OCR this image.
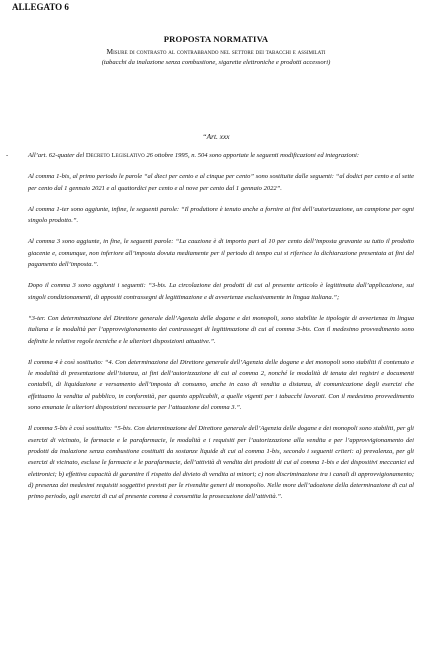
ALLEGATO 6
PROPOSTA NORMATIVA
Misure di contrasto al contrabbando nel settore dei tabacchi e assimilati
(tabacchi da inalazione senza combustione, sigarette elettroniche e prodotti accessori)
“Art. xxx
-	All’art. 62-quater del Decreto Legislativo 26 ottobre 1995, n. 504 sono apportate le seguenti modificazioni ed integrazioni:
Al comma 1-bis, al primo periodo le parole “al dieci per cento e al cinque per cento” sono sostituite dalle seguenti: “al dodici per cento e al sette per cento dal 1 gennaio 2021 e al quattordici per cento e al nove per cento dal 1 gennaio 2022”.
Al comma 1-ter sono aggiunte, infine, le seguenti parole: “Il produttore è tenuto anche a fornire ai fini dell’autorizzazione, un campione per ogni singolo prodotto.”.
Al comma 3 sono aggiunte, in fine, le seguenti parole: “La cauzione è di importo pari al 10 per cento dell’imposta gravante su tutto il prodotto giacente e, comunque, non inferiore all’imposta dovuta mediamente per il periodo di tempo cui si riferisce la dichiarazione presentata ai fini del pagamento dell’imposta.”.
Dopo il comma 3 sono aggiunti i seguenti: “3-bis. La circolazione dei prodotti di cui al presente articolo è legittimata dall’applicazione, sui singoli condizionamenti, di appositi contrassegni di legittimazione e di avvertenze esclusivamente in lingua italiana.”;
“3-ter. Con determinazione del Direttore generale dell’Agenzia delle dogane e dei monopoli, sono stabilite le tipologie di avvertenza in lingua italiana e le modalità per l’approvvigionamento dei contrassegni di legittimazione di cui al comma 3-bis. Con il medesimo provvedimento sono definite le relative regole tecniche e le ulteriori disposizioni attuative.”.
Il comma 4 è così sostituito: “4. Con determinazione del Direttore generale dell’Agenzia delle dogane e dei monopoli sono stabiliti il contenuto e le modalità di presentazione dell’istanza, ai fini dell’autorizzazione di cui al comma 2, nonché le modalità di tenuta dei registri e documenti contabili, di liquidazione e versamento dell’imposta di consumo, anche in caso di vendita a distanza, di comunicazione degli esercizi che effettuano la vendita al pubblico, in conformità, per quanto applicabili, a quelle vigenti per i tabacchi lavorati. Con il medesimo provvedimento sono emanate le ulteriori disposizioni necessarie per l’attuazione del comma 3.”.
Il comma 5-bis è così sostituito: “5-bis. Con determinazione del Direttore generale dell’Agenzia delle dogane e dei monopoli sono stabiliti, per gli esercizi di vicinato, le farmacie e le parafarmacie, le modalità e i requisiti per l’autorizzazione alla vendita e per l’approvvigionamento dei prodotti da inalazione senza combustione costituiti da sostanze liquide di cui al comma 1-bis, secondo i seguenti criteri: a) prevalenza, per gli esercizi di vicinato, escluse le farmacie e le parafarmacie, dell’attività di vendita dei prodotti di cui al comma 1-bis e dei dispositivi meccanici ed elettronici; b) effettiva capacità di garantire il rispetto del divieto di vendita ai minori; c) non discriminazione tra i canali di approvvigionamento; d) presenza dei medesimi requisiti soggettivi previsti per le rivendite generi di monopolio. Nelle more dell’adozione della determinazione di cui al primo periodo, agli esercizi di cui al presente comma è consentita la prosecuzione dell’attività.”.
